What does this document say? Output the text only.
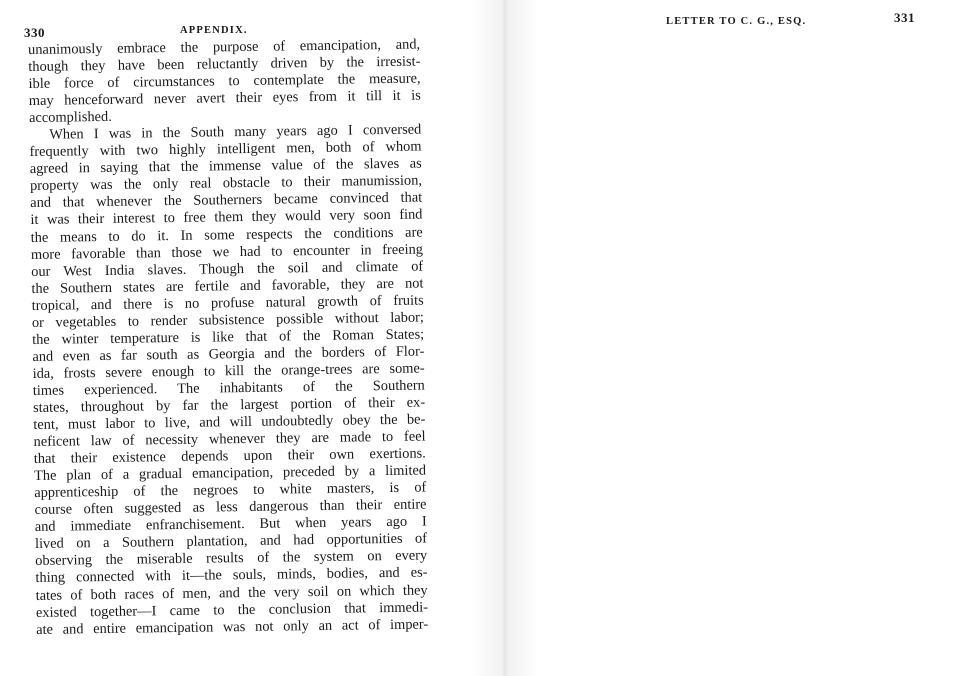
330	APPENDIX.
unanimously embrace the purpose of emancipation, and,
though they have been reluctantly driven by the irresist-
ible force of circumstances to contemplate the measure,
may henceforward never avert their eyes from it till it is
accomplished.
When I was in the South many years ago I conversed
frequently with two highly intelligent men, both of whom
agreed in saying that the immense value of the slaves as
property was the only real obstacle to their manumission,
and that whenever the Southerners became convinced that
it was their interest to free them they would very soon find
the means to do it. In some respects the conditions are
more favorable than those we had to encounter in freeing
our West India slaves. Though the soil and climate of
the Southern states are fertile and favorable, they are not
tropical, and there is no profuse natural growth of fruits
or vegetables to render subsistence possible without labor;
the winter temperature is like that of the Roman States;
and even as far south as Georgia and the borders of Flor-
ida, frosts severe enough to kill the orange-trees are some-
times experienced. The inhabitants of the Southern
states, throughout by far the largest portion of their ex-
tent, must labor to live, and will undoubtedly obey the be-
neficent law of necessity whenever they are made to feel
that their existence depends upon their own exertions.
The plan of a gradual emancipation, preceded by a limited
apprenticeship of the negroes to white masters, is of
course often suggested as less dangerous than their entire
and immediate enfranchisement. But when years ago I
lived on a Southern plantation, and had opportunities of
observing the miserable results of the system on every
thing connected with it—the souls, minds, bodies, and es-
tates of both races of men, and the very soil on which they
existed together—I came to the conclusion that immedi-
ate and entire emancipation was not only an act of imper-
LETTER TO C. G., ESQ.	331
